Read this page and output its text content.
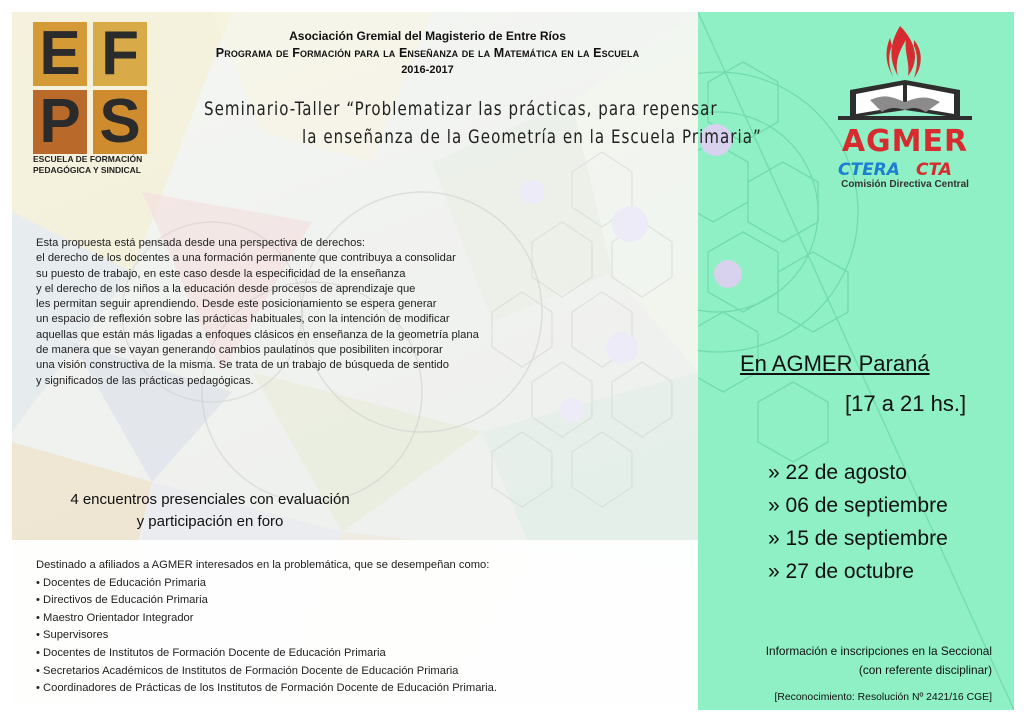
E F
P S
ESCUELA DE FORMACIÓN
PEDAGÓGICA Y SINDICAL
Asociación Gremial del Magisterio de Entre Ríos
Programa de Formación para la Enseñanza de la Matemática en la Escuela
2016-2017
Seminario-Taller “Problematizar las prácticas, para repensar
la enseñanza de la Geometría en la Escuela Primaria”	AGMER
CTERA CTA
Comisión Directiva Central

Esta propuesta está pensada desde una perspectiva de derechos:

el derecho de los docentes a una formación permanente que contribuya a consolidar

su puesto de trabajo, en este caso desde la especificidad de la enseñanza

y el derecho de los niños a la educación desde procesos de aprendizaje que

les permitan seguir aprendiendo. Desde este posicionamiento se espera generar

un espacio de reflexión sobre las prácticas habituales, con la intención de modificar

aquellas que están más ligadas a enfoques clásicos en enseñanza de la geometría plana

de manera que se vayan generando cambios paulatinos que posibiliten incorporar

una visión constructiva de la misma. Se trata de un trabajo de búsqueda de sentido

y significados de las prácticas pedagógicas.

4 encuentros presenciales con evaluación
y participación en foro
Destinado a afiliados a AGMER interesados en la problemática, que se desempeñan como:
• Docentes de Educación Primaria
• Directivos de Educación Primaria
• Maestro Orientador Integrador
• Supervisores
• Docentes de Institutos de Formación Docente de Educación Primaria
• Secretarios Académicos de Institutos de Formación Docente de Educación Primaria
• Coordinadores de Prácticas de los Institutos de Formación Docente de Educación Primaria.
En AGMER Paraná
[17 a 21 hs.]
» 22 de agosto
» 06 de septiembre
» 15 de septiembre
» 27 de octubre
Información e inscripciones en la Seccional
(con referente disciplinar)
[Reconocimiento: Resolución Nº 2421/16 CGE]
